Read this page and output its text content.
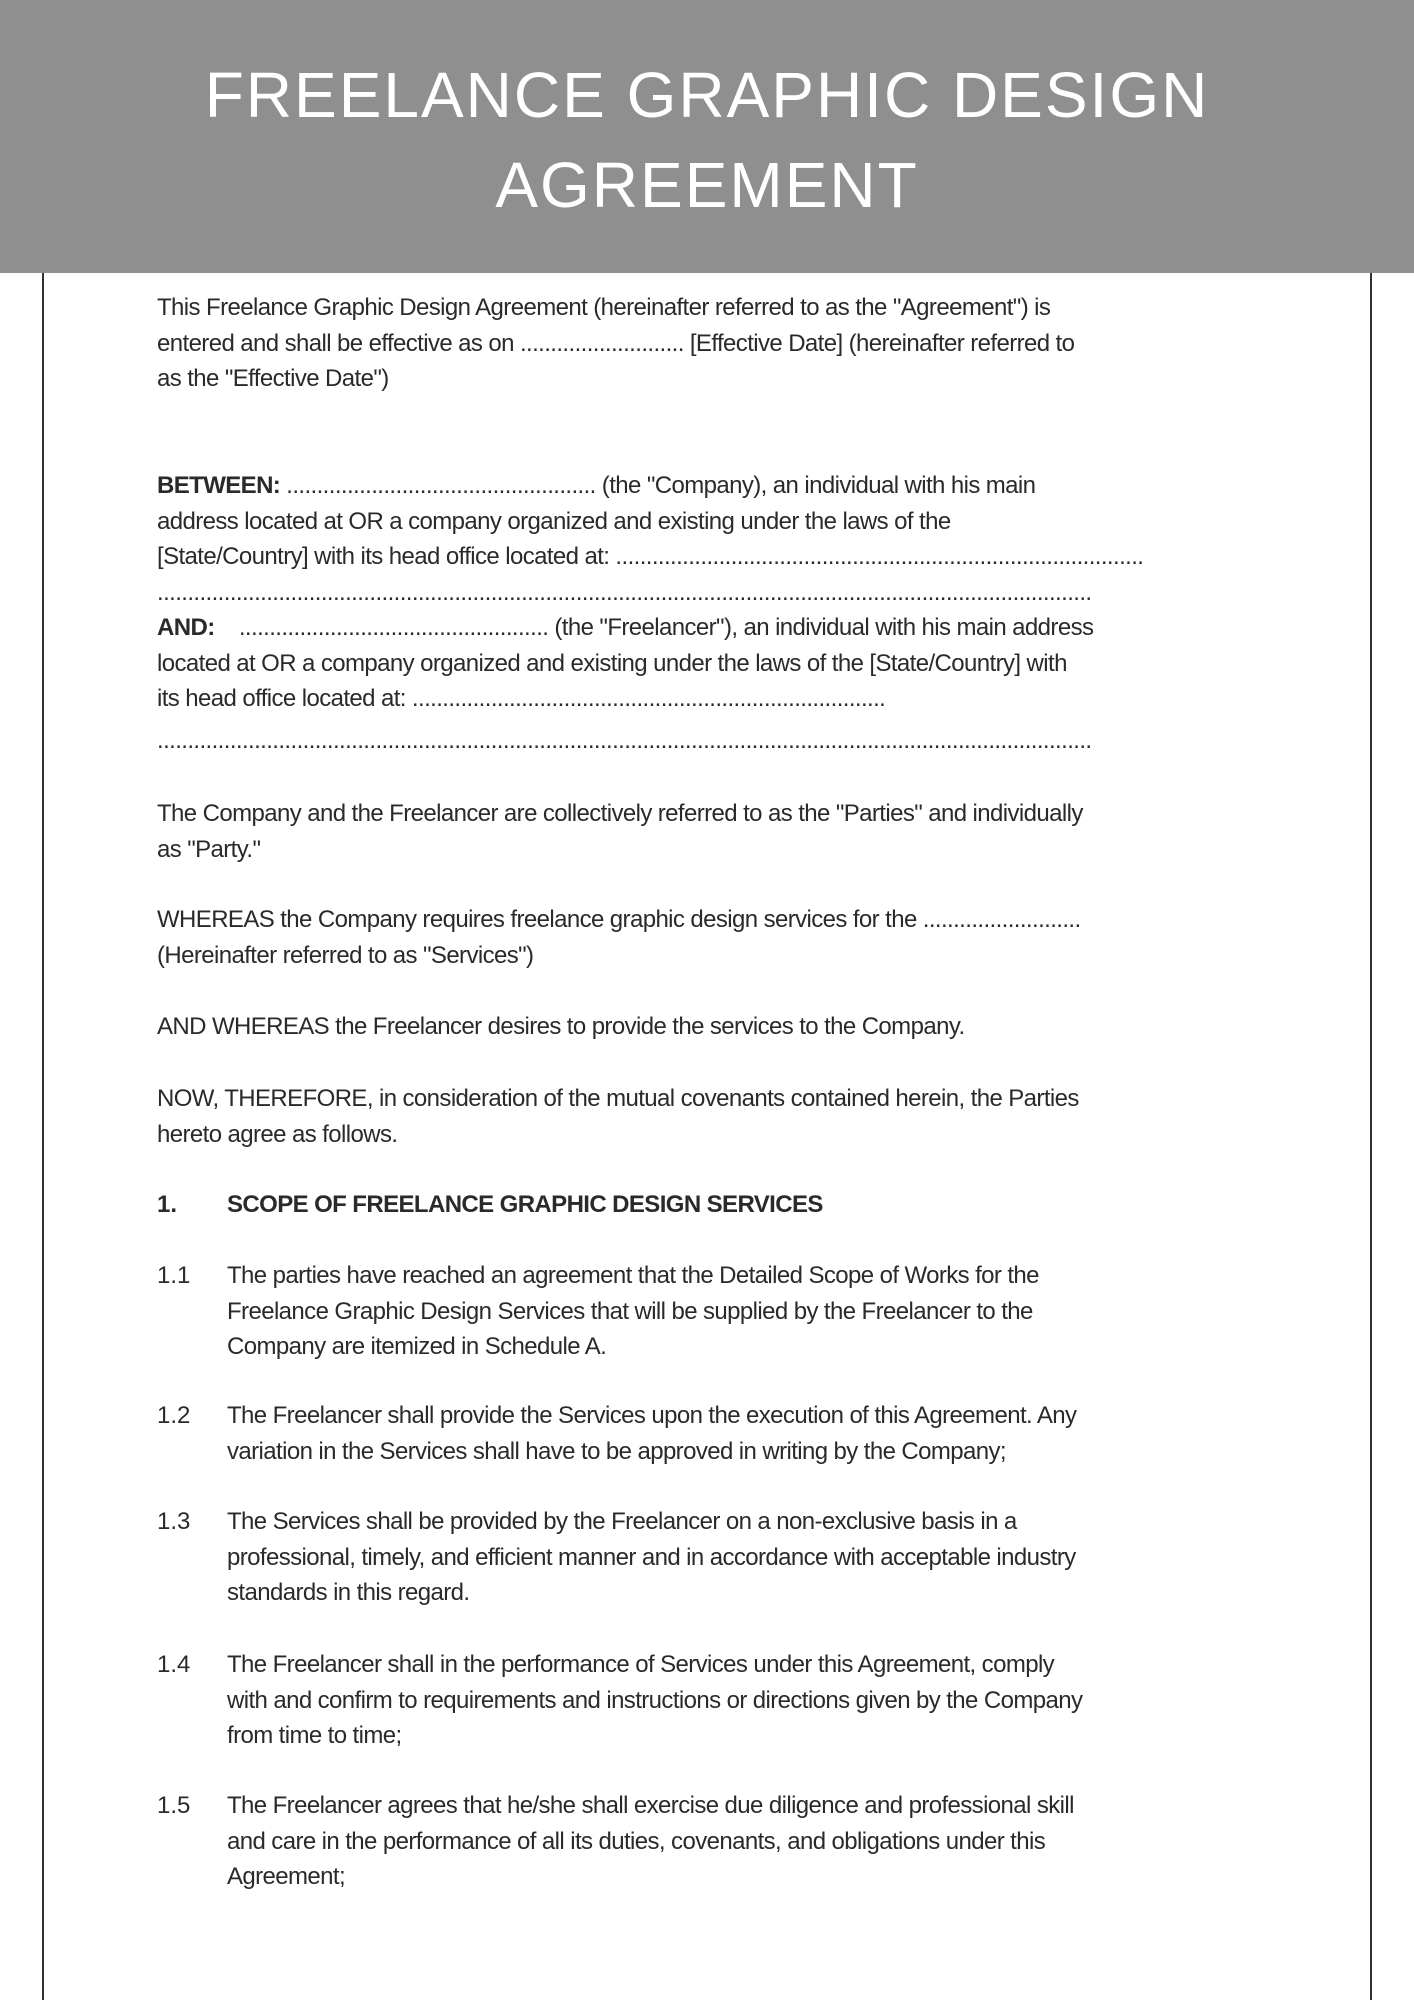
FREELANCE GRAPHIC DESIGN
AGREEMENT
This Freelance Graphic Design Agreement (hereinafter referred to as the "Agreement") is
entered and shall be effective as on ........................... [Effective Date] (hereinafter referred to
as the "Effective Date")
BETWEEN: ................................................... (the "Company), an individual with his main
address located at OR a company organized and existing under the laws of the
[State/Country] with its head office located at: .......................................................................................
..........................................................................................................................................................
AND:    ................................................... (the "Freelancer"), an individual with his main address
located at OR a company organized and existing under the laws of the [State/Country] with
its head office located at: ..............................................................................
..........................................................................................................................................................
The Company and the Freelancer are collectively referred to as the "Parties" and individually
as "Party."
WHEREAS the Company requires freelance graphic design services for the ..........................
(Hereinafter referred to as "Services")
AND WHEREAS the Freelancer desires to provide the services to the Company.
NOW, THEREFORE, in consideration of the mutual covenants contained herein, the Parties
hereto agree as follows.
1. SCOPE OF FREELANCE GRAPHIC DESIGN SERVICES
1.1 The parties have reached an agreement that the Detailed Scope of Works for the
Freelance Graphic Design Services that will be supplied by the Freelancer to the
Company are itemized in Schedule A.
1.2 The Freelancer shall provide the Services upon the execution of this Agreement. Any
variation in the Services shall have to be approved in writing by the Company;
1.3 The Services shall be provided by the Freelancer on a non-exclusive basis in a
professional, timely, and efficient manner and in accordance with acceptable industry
standards in this regard.
1.4 The Freelancer shall in the performance of Services under this Agreement, comply
with and confirm to requirements and instructions or directions given by the Company
from time to time;
1.5 The Freelancer agrees that he/she shall exercise due diligence and professional skill
and care in the performance of all its duties, covenants, and obligations under this
Agreement;
